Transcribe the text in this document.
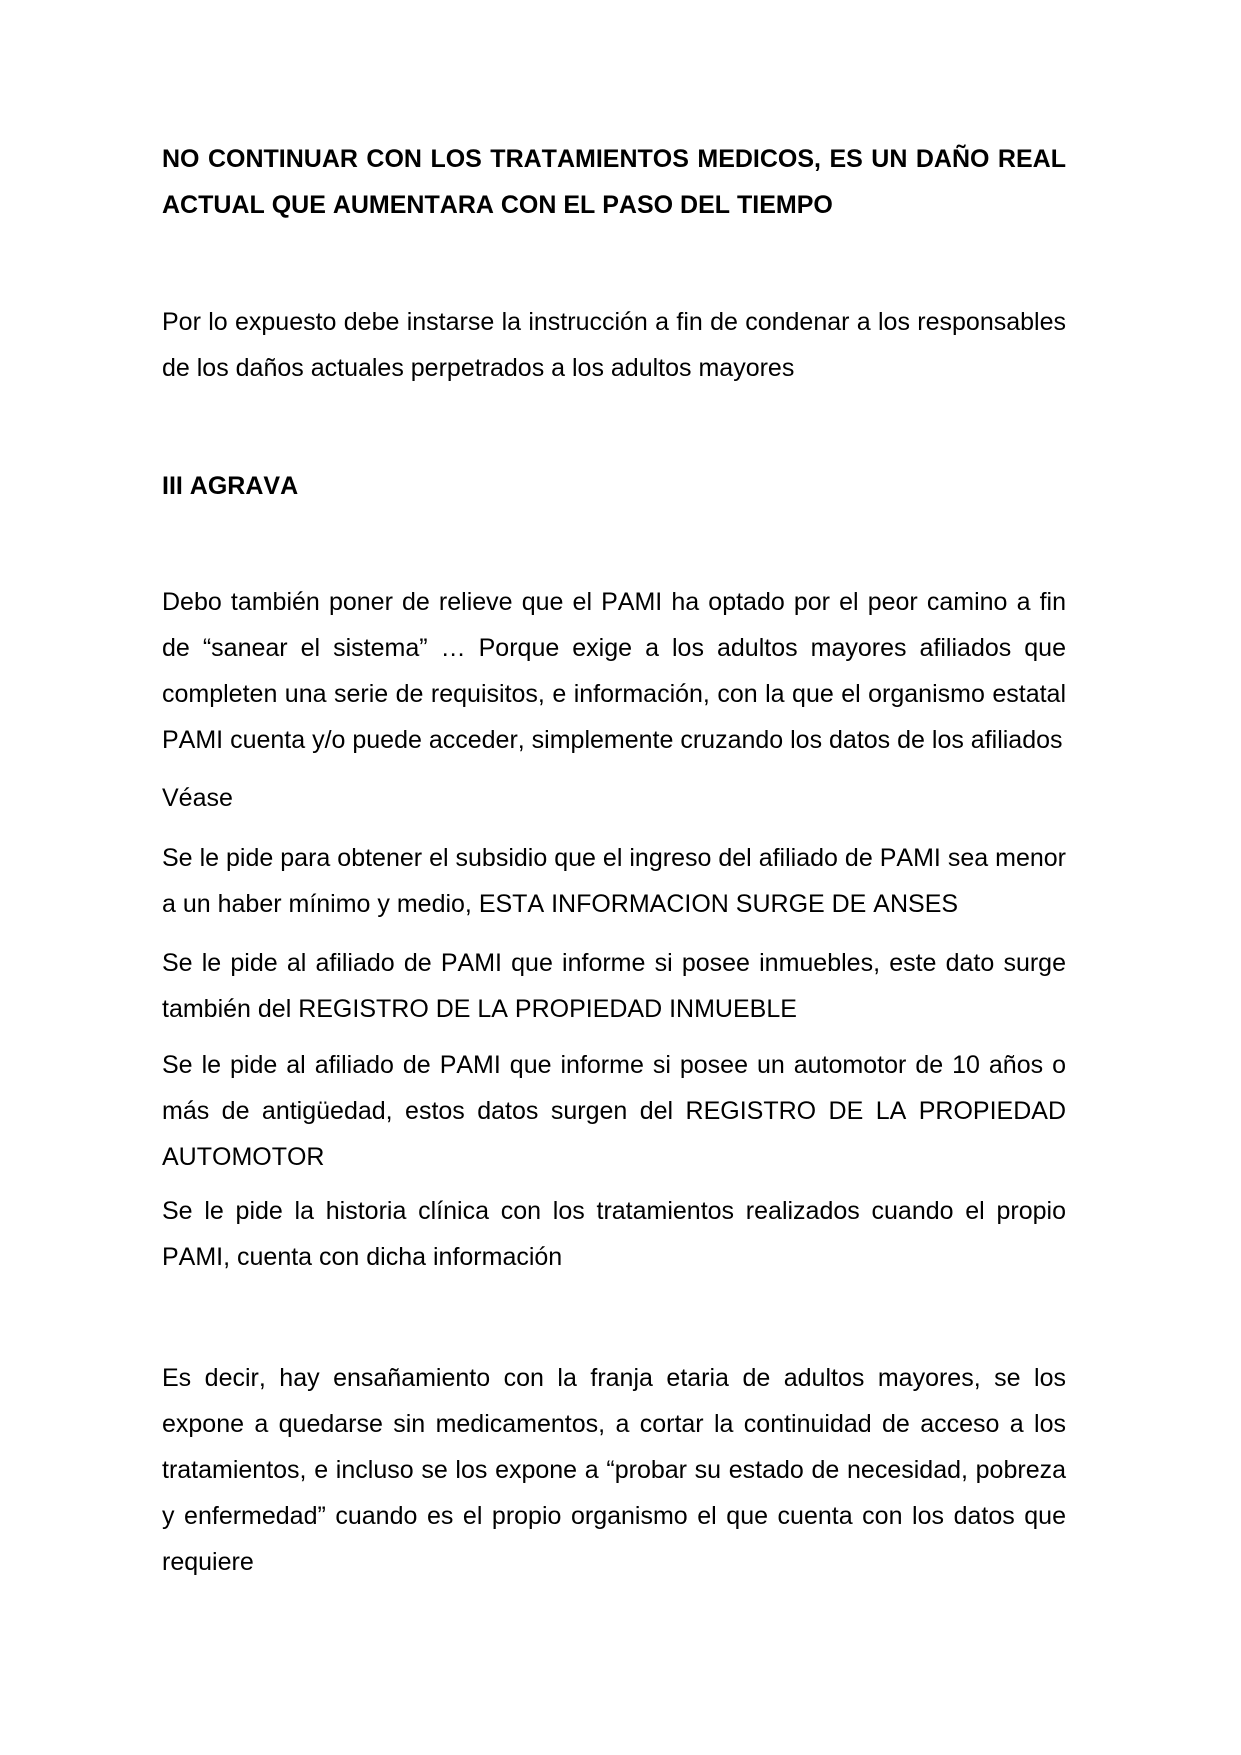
NO CONTINUAR CON LOS TRATAMIENTOS MEDICOS, ES UN DAÑO REAL ACTUAL QUE AUMENTARA CON EL PASO DEL TIEMPO

Por lo expuesto debe instarse la instrucción a fin de condenar a los responsables de los daños actuales perpetrados a los adultos mayores

III AGRAVA

Debo también poner de relieve que el PAMI ha optado por el peor camino a fin de “sanear el sistema” … Porque exige a los adultos mayores afiliados que completen una serie de requisitos, e información, con la que el organismo estatal PAMI cuenta y/o puede acceder, simplemente cruzando los datos de los afiliados

Véase

Se le pide para obtener el subsidio que el ingreso del afiliado de PAMI sea menor a un haber mínimo y medio, ESTA INFORMACION SURGE DE ANSES

Se le pide al afiliado de PAMI que informe si posee inmuebles, este dato surge también del REGISTRO DE LA PROPIEDAD INMUEBLE

Se le pide al afiliado de PAMI que informe si posee un automotor de 10 años o más de antigüedad, estos datos surgen del REGISTRO DE LA PROPIEDAD AUTOMOTOR

Se le pide la historia clínica con los tratamientos realizados cuando el propio PAMI, cuenta con dicha información

Es decir, hay ensañamiento con la franja etaria de adultos mayores, se los expone a quedarse sin medicamentos, a cortar la continuidad de acceso a los tratamientos, e incluso se los expone a “probar su estado de necesidad, pobreza y enfermedad” cuando es el propio organismo el que cuenta con los datos que requiere
